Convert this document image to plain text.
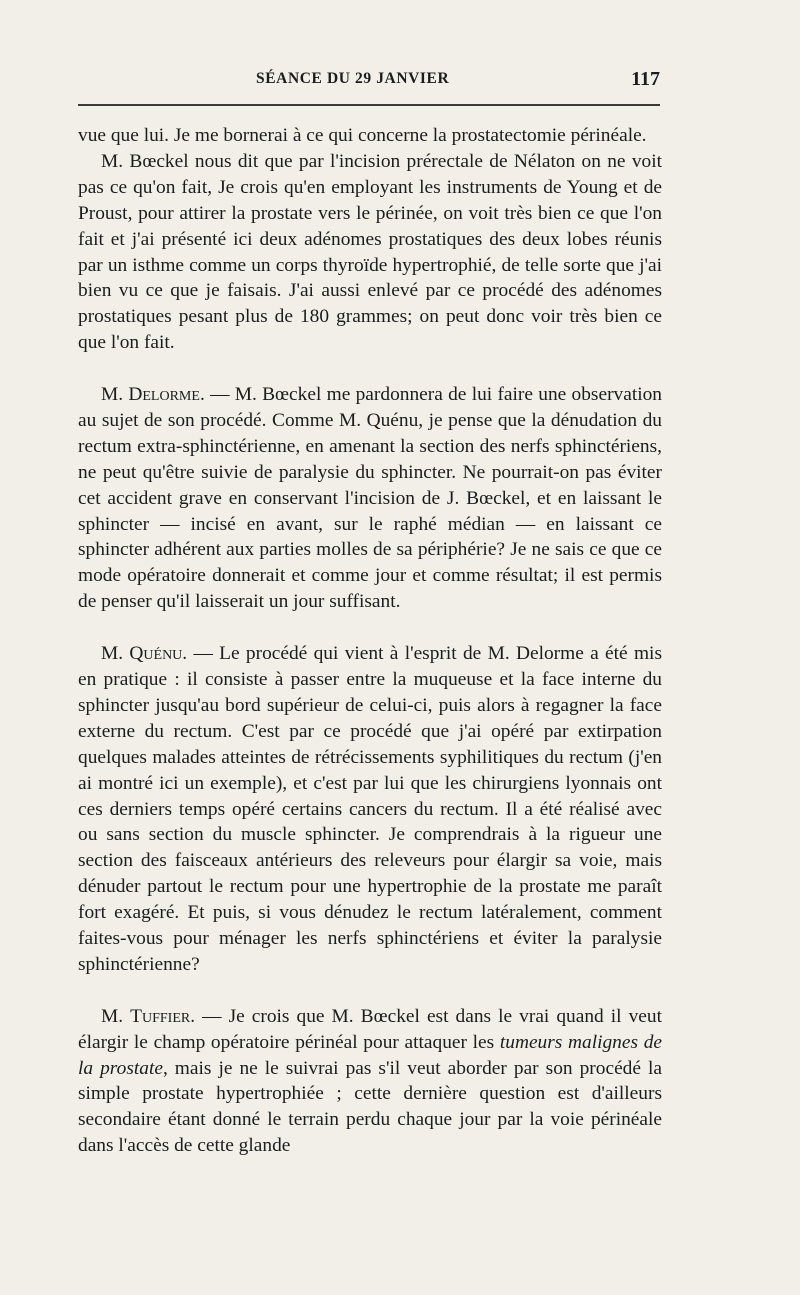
SÉANCE DU 29 JANVIER	117

vue que lui. Je me bornerai à ce qui concerne la prostatectomie périnéale.

M. Bœckel nous dit que par l'incision prérectale de Nélaton on ne voit pas ce qu'on fait, Je crois qu'en employant les instruments de Young et de Proust, pour attirer la prostate vers le périnée, on voit très bien ce que l'on fait et j'ai présenté ici deux adénomes prostatiques des deux lobes réunis par un isthme comme un corps thyroïde hypertrophié, de telle sorte que j'ai bien vu ce que je faisais. J'ai aussi enlevé par ce procédé des adénomes prostatiques pesant plus de 180 grammes; on peut donc voir très bien ce que l'on fait.

M. Delorme. — M. Bœckel me pardonnera de lui faire une observation au sujet de son procédé. Comme M. Quénu, je pense que la dénudation du rectum extra-sphinctérienne, en amenant la section des nerfs sphinctériens, ne peut qu'être suivie de paralysie du sphincter. Ne pourrait-on pas éviter cet accident grave en conservant l'incision de J. Bœckel, et en laissant le sphincter — incisé en avant, sur le raphé médian — en laissant ce sphincter adhérent aux parties molles de sa périphérie? Je ne sais ce que ce mode opératoire donnerait et comme jour et comme résultat; il est permis de penser qu'il laisserait un jour suffisant.

M. Quénu. — Le procédé qui vient à l'esprit de M. Delorme a été mis en pratique : il consiste à passer entre la muqueuse et la face interne du sphincter jusqu'au bord supérieur de celui-ci, puis alors à regagner la face externe du rectum. C'est par ce procédé que j'ai opéré par extirpation quelques malades atteintes de rétrécissements syphilitiques du rectum (j'en ai montré ici un exemple), et c'est par lui que les chirurgiens lyonnais ont ces derniers temps opéré certains cancers du rectum. Il a été réalisé avec ou sans section du muscle sphincter. Je comprendrais à la rigueur une section des faisceaux antérieurs des releveurs pour élargir sa voie, mais dénuder partout le rectum pour une hypertrophie de la prostate me paraît fort exagéré. Et puis, si vous dénudez le rectum latéralement, comment faites-vous pour ménager les nerfs sphinctériens et éviter la paralysie sphinctérienne?

M. Tuffier. — Je crois que M. Bœckel est dans le vrai quand il veut élargir le champ opératoire périnéal pour attaquer les tumeurs malignes de la prostate, mais je ne le suivrai pas s'il veut aborder par son procédé la simple prostate hypertrophiée ; cette dernière question est d'ailleurs secondaire étant donné le terrain perdu chaque jour par la voie périnéale dans l'accès de cette glande
